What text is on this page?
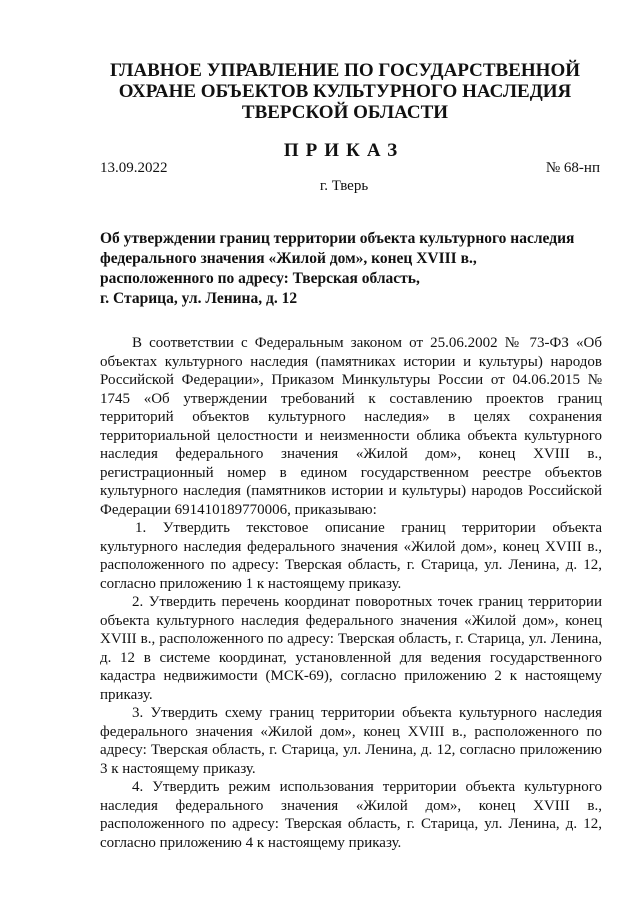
ГЛАВНОЕ УПРАВЛЕНИЕ ПО ГОСУДАРСТВЕННОЙ
ОХРАНЕ ОБЪЕКТОВ КУЛЬТУРНОГО НАСЛЕДИЯ
ТВЕРСКОЙ ОБЛАСТИ
ПРИКАЗ
13.09.2022	№ 68-нп
г. Тверь
Об утверждении границ территории объекта культурного наследия
федерального значения «Жилой дом», конец XVIII в.,
расположенного по адресу: Тверская область,
г. Старица, ул. Ленина, д. 12

В соответствии с Федеральным законом от 25.06.2002 № 73-ФЗ «Об объектах культурного наследия (памятниках истории и культуры) народов Российской Федерации», Приказом Минкультуры России от 04.06.2015 № 1745 «Об утверждении требований к составлению проектов границ территорий объектов культурного наследия» в целях сохранения территориальной целостности и неизменности облика объекта культурного наследия федерального значения «Жилой дом», конец XVIII в., регистрационный номер в едином государственном реестре объектов культурного наследия (памятников истории и культуры) народов Российской Федерации 691410189770006, приказываю:

1. Утвердить текстовое описание границ территории объекта культурного наследия федерального значения «Жилой дом», конец XVIII в., расположенного по адресу: Тверская область, г. Старица, ул. Ленина, д. 12, согласно приложению 1 к настоящему приказу.

2. Утвердить перечень координат поворотных точек границ территории объекта культурного наследия федерального значения «Жилой дом», конец XVIII в., расположенного по адресу: Тверская область, г. Старица, ул. Ленина, д. 12 в системе координат, установленной для ведения государственного кадастра недвижимости (МСК-69), согласно приложению 2 к настоящему приказу.

3. Утвердить схему границ территории объекта культурного наследия федерального значения «Жилой дом», конец XVIII в., расположенного по адресу: Тверская область, г. Старица, ул. Ленина, д. 12, согласно приложению 3 к настоящему приказу.

4. Утвердить режим использования территории объекта культурного наследия федерального значения «Жилой дом», конец XVIII в., расположенного по адресу: Тверская область, г. Старица, ул. Ленина, д. 12, согласно приложению 4 к настоящему приказу.
